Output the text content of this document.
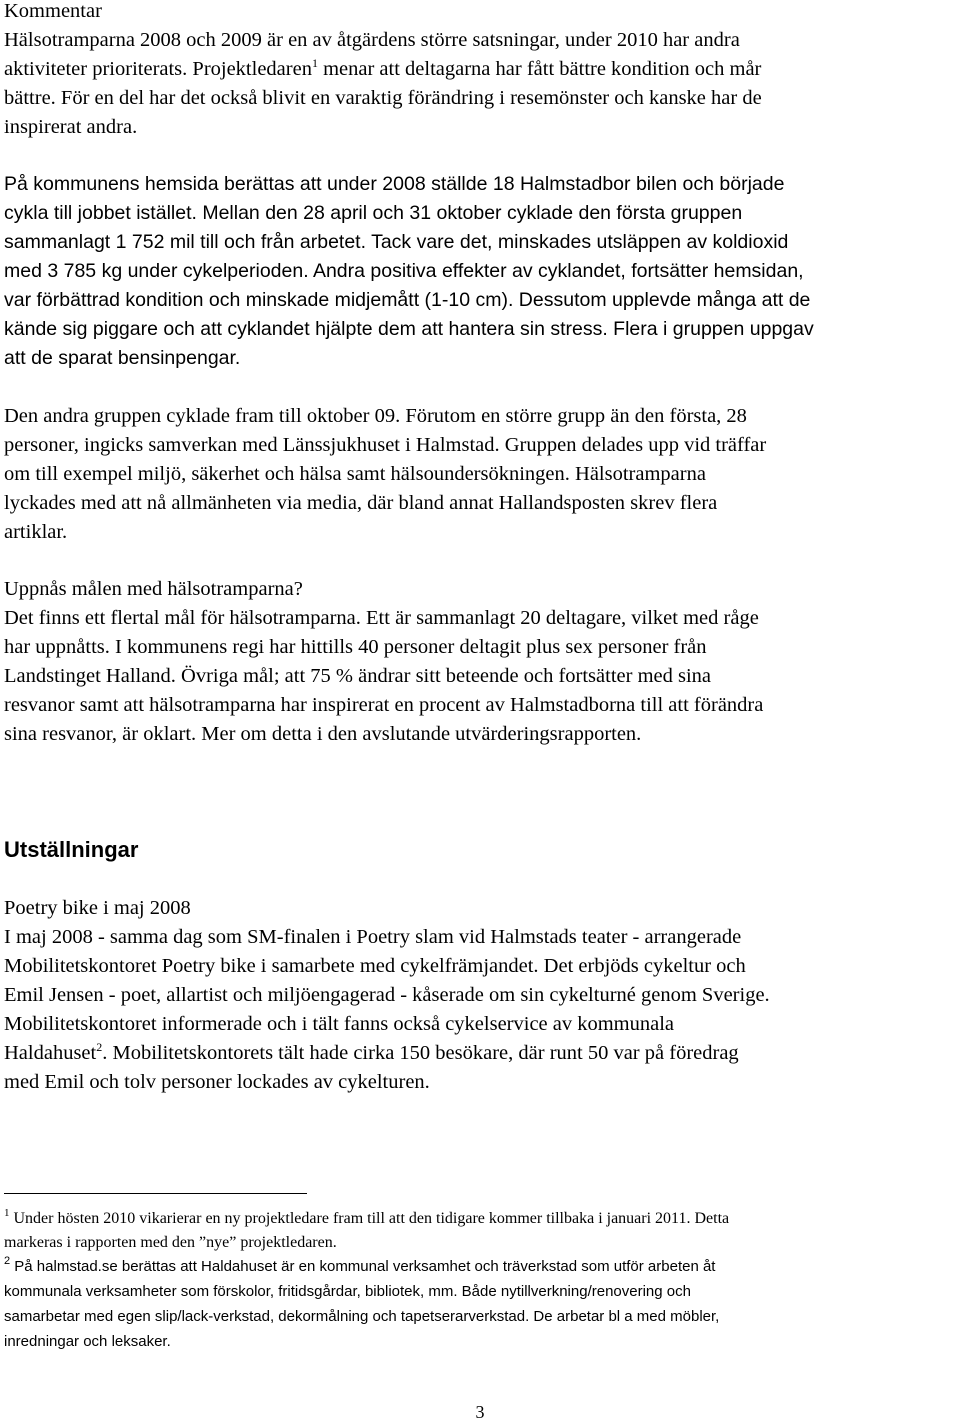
Kommentar
Hälsotramparna 2008 och 2009 är en av åtgärdens större satsningar, under 2010 har andra
aktiviteter prioriterats. Projektledaren$^1$ menar att deltagarna har fått bättre kondition och mår
bättre. För en del har det också blivit en varaktig förändring i resemönster och kanske har de
inspirerat andra.
På kommunens hemsida berättas att under 2008 ställde 18 Halmstadbor bilen och började
cykla till jobbet istället. Mellan den 28 april och 31 oktober cyklade den första gruppen
sammanlagt 1 752 mil till och från arbetet. Tack vare det, minskades utsläppen av koldioxid
med 3 785 kg under cykelperioden. Andra positiva effekter av cyklandet, fortsätter hemsidan,
var förbättrad kondition och minskade midjemått (1-10 cm). Dessutom upplevde många att de
kände sig piggare och att cyklandet hjälpte dem att hantera sin stress. Flera i gruppen uppgav
att de sparat bensinpengar.
Den andra gruppen cyklade fram till oktober 09. Förutom en större grupp än den första, 28
personer, ingicks samverkan med Länssjukhuset i Halmstad. Gruppen delades upp vid träffar
om till exempel miljö, säkerhet och hälsa samt hälsoundersökningen. Hälsotramparna
lyckades med att nå allmänheten via media, där bland annat Hallandsposten skrev flera
artiklar.
Uppnås målen med hälsotramparna?
Det finns ett flertal mål för hälsotramparna. Ett är sammanlagt 20 deltagare, vilket med råge
har uppnåtts. I kommunens regi har hittills 40 personer deltagit plus sex personer från
Landstinget Halland. Övriga mål; att 75 % ändrar sitt beteende och fortsätter med sina
resvanor samt att hälsotramparna har inspirerat en procent av Halmstadborna till att förändra
sina resvanor, är oklart. Mer om detta i den avslutande utvärderingsrapporten.
Utställningar
Poetry bike i maj 2008
I maj 2008 - samma dag som SM-finalen i Poetry slam vid Halmstads teater - arrangerade
Mobilitetskontoret Poetry bike i samarbete med cykelfrämjandet. Det erbjöds cykeltur och
Emil Jensen - poet, allartist och miljöengagerad - kåserade om sin cykelturné genom Sverige.
Mobilitetskontoret informerade och i tält fanns också cykelservice av kommunala
Haldahuset$^2$. Mobilitetskontorets tält hade cirka 150 besökare, där runt 50 var på föredrag
med Emil och tolv personer lockades av cykelturen.
$^1$ Under hösten 2010 vikarierar en ny projektledare fram till att den tidigare kommer tillbaka i januari 2011. Detta
markeras i rapporten med den ”nye” projektledaren.
$^2$ På halmstad.se berättas att Haldahuset är en kommunal verksamhet och träverkstad som utför arbeten åt
kommunala verksamheter som förskolor, fritidsgårdar, bibliotek, mm. Både nytillverkning/renovering och
samarbetar med egen slip/lack-verkstad, dekormålning och tapetserarverkstad. De arbetar bl a med möbler,
inredningar och leksaker.
3
